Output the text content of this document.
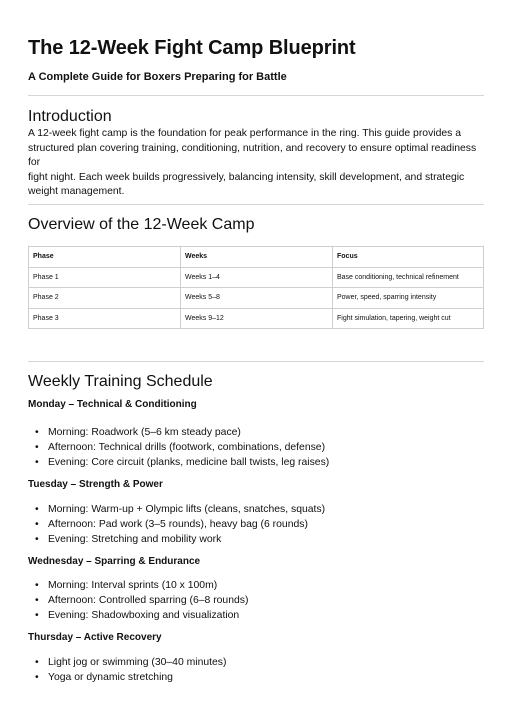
The 12-Week Fight Camp Blueprint

A Complete Guide for Boxers Preparing for Battle

Introduction
A 12-week fight camp is the foundation for peak performance in the ring. This guide provides a
structured plan covering training, conditioning, nutrition, and recovery to ensure optimal readiness for
fight night. Each week builds progressively, balancing intensity, skill development, and strategic
weight management.
Overview of the 12-Week Camp
Phase	Weeks	Focus
Phase 1	Weeks 1–4	Base conditioning, technical refinement
Phase 2	Weeks 5–8	Power, speed, sparring intensity
Phase 3	Weeks 9–12	Fight simulation, tapering, weight cut
Weekly Training Schedule
Monday – Technical & Conditioning
• Morning: Roadwork (5–6 km steady pace)
• Afternoon: Technical drills (footwork, combinations, defense)
• Evening: Core circuit (planks, medicine ball twists, leg raises)
Tuesday – Strength & Power
• Morning: Warm-up + Olympic lifts (cleans, snatches, squats)
• Afternoon: Pad work (3–5 rounds), heavy bag (6 rounds)
• Evening: Stretching and mobility work
Wednesday – Sparring & Endurance
• Morning: Interval sprints (10 x 100m)
• Afternoon: Controlled sparring (6–8 rounds)
• Evening: Shadowboxing and visualization
Thursday – Active Recovery
• Light jog or swimming (30–40 minutes)
• Yoga or dynamic stretching
